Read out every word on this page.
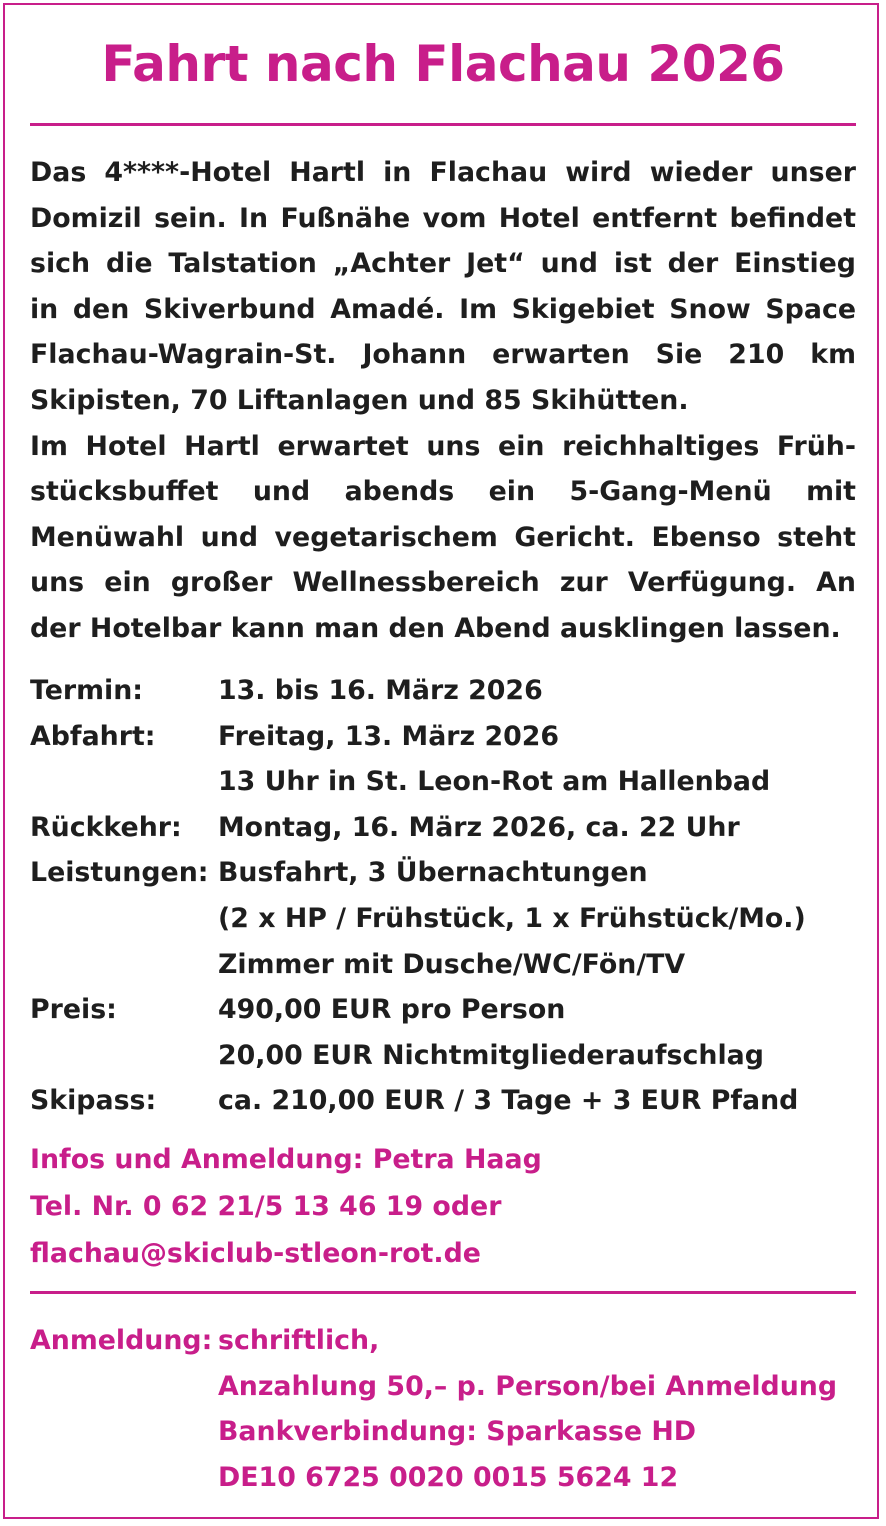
Fahrt nach Flachau 2026
Das 4****-Hotel Hartl in Flachau wird wieder unser
Domizil sein. In Fußnähe vom Hotel entfernt befindet
sich die Talstation „Achter Jet“ und ist der Einstieg
in den Skiverbund Amadé. Im Skigebiet Snow Space
Flachau-Wagrain-St. Johann erwarten Sie 210 km
Skipisten, 70 Liftanlagen und 85 Skihütten.
Im Hotel Hartl erwartet uns ein reichhaltiges Früh-
stücksbuffet und abends ein 5-Gang-Menü mit
Menüwahl und vegetarischem Gericht. Ebenso steht
uns ein großer Wellnessbereich zur Verfügung. An
der Hotelbar kann man den Abend ausklingen lassen.
Termin:	13. bis 16. März 2026
Abfahrt:	Freitag, 13. März 2026
13 Uhr in St. Leon-Rot am Hallenbad
Rückkehr:	Montag, 16. März 2026, ca. 22 Uhr
Leistungen: Busfahrt, 3 Übernachtungen
(2 x HP / Frühstück, 1 x Frühstück/Mo.)
Zimmer mit Dusche/WC/Fön/TV
Preis:	490,00 EUR pro Person
20,00 EUR Nichtmitgliederaufschlag
Skipass:	ca. 210,00 EUR / 3 Tage + 3 EUR Pfand
Infos und Anmeldung: Petra Haag
Tel. Nr. 0 62 21/5 13 46 19 oder
flachau@skiclub-stleon-rot.de
Anmeldung: schriftlich,
Anzahlung 50,– p. Person/bei Anmeldung
Bankverbindung: Sparkasse HD
DE10 6725 0020 0015 5624 12
